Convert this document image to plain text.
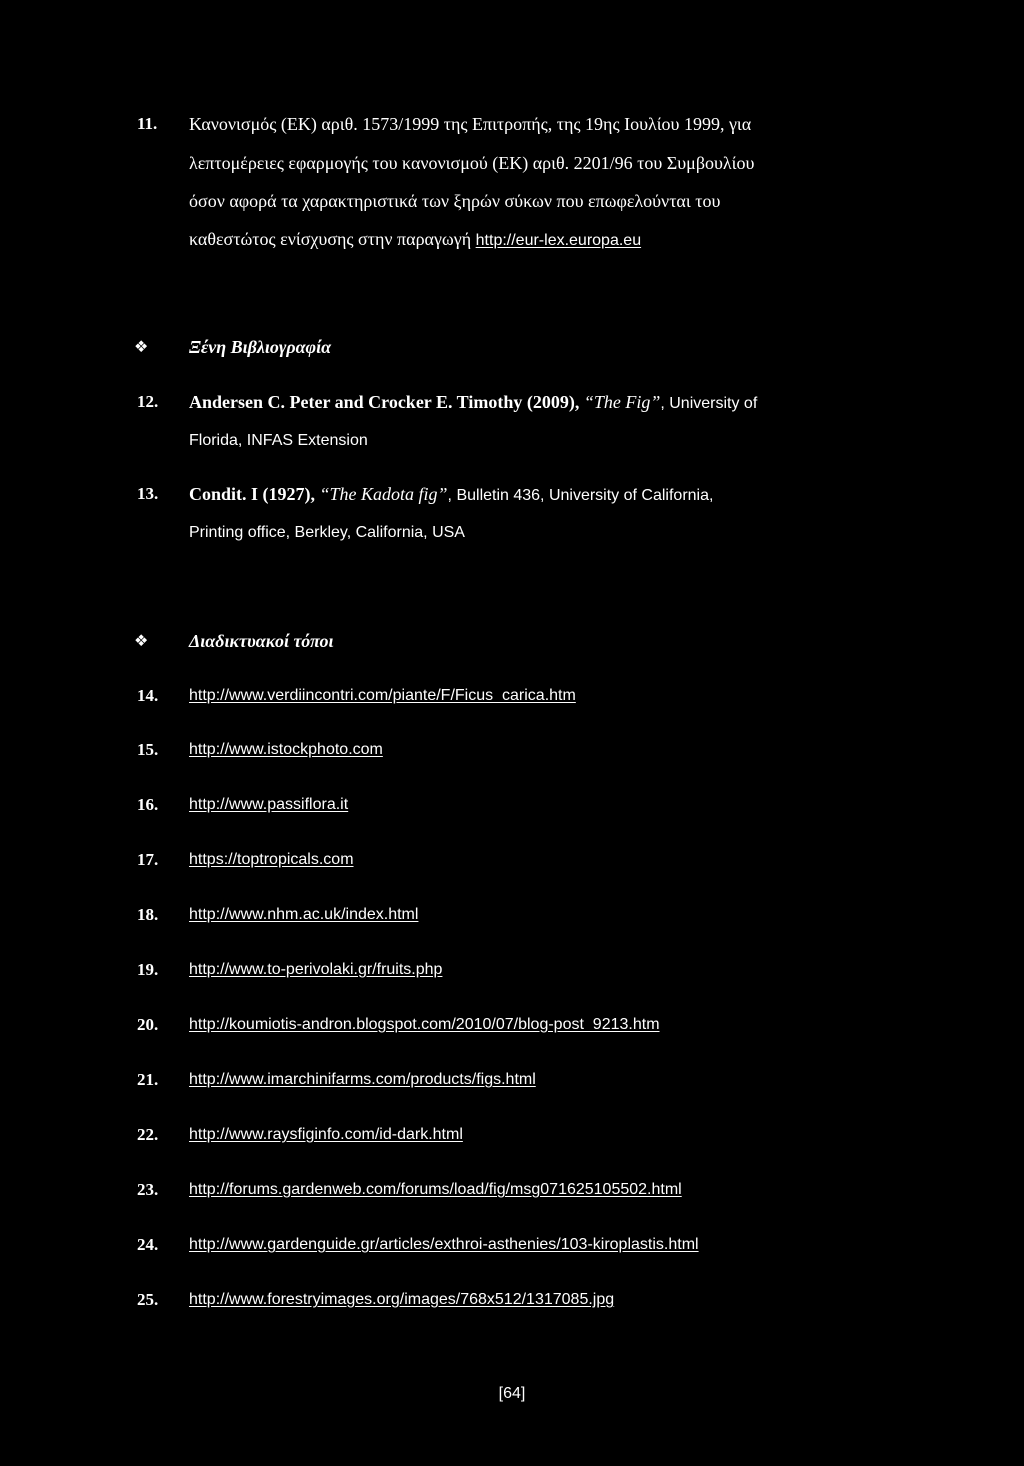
11. Κανονισμός (ΕΚ) αριθ. 1573/1999 της Επιτροπής, της 19ης Ιουλίου 1999, για
λεπτομέρειες εφαρμογής του κανονισμού (ΕΚ) αριθ. 2201/96 του Συμβουλίου
όσον αφορά τα χαρακτηριστικά των ξηρών σύκων που επωφελούνται του
καθεστώτος ενίσχυσης στην παραγωγή http://eur-lex.europa.eu
❖ Ξένη Βιβλιογραφία
12. Andersen C. Peter and Crocker E. Timothy (2009), “The Fig”, University of
Florida, INFAS Extension
13. Condit. I (1927), “The Kadota fig”, Bulletin 436, University of California,
Printing office, Berkley, California, USA
❖ Διαδικτυακοί τόποι
14. http://www.verdiincontri.com/piante/F/Ficus_carica.htm
15. http://www.istockphoto.com
16. http://www.passiflora.it
17. https://toptropicals.com
18. http://www.nhm.ac.uk/index.html
19. http://www.to-perivolaki.gr/fruits.php
20. http://koumiotis-andron.blogspot.com/2010/07/blog-post_9213.htm
21. http://www.imarchinifarms.com/products/figs.html
22. http://www.raysfiginfo.com/id-dark.html
23. http://forums.gardenweb.com/forums/load/fig/msg071625105502.html
24. http://www.gardenguide.gr/articles/exthroi-asthenies/103-kiroplastis.html
25. http://www.forestryimages.org/images/768x512/1317085.jpg
[64]
